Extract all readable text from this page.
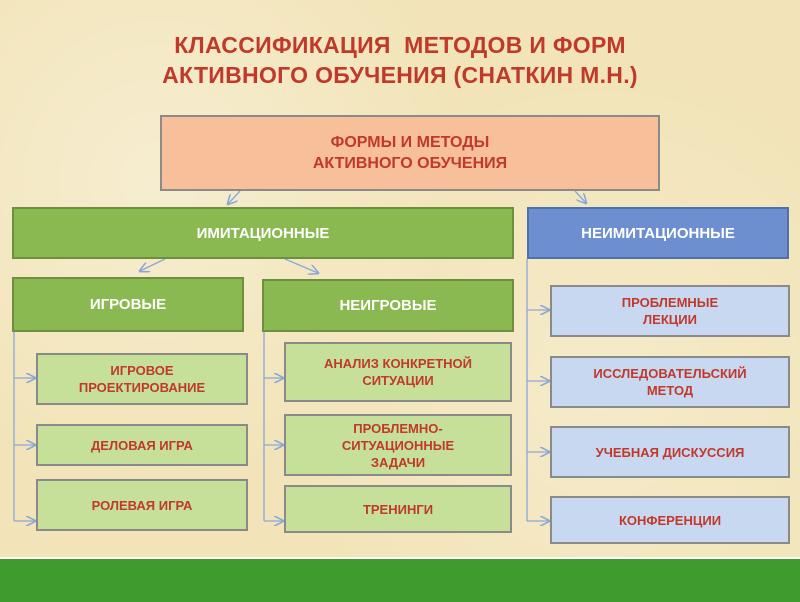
КЛАССИФИКАЦИЯ  МЕТОДОВ И ФОРМ
АКТИВНОГО ОБУЧЕНИЯ (СНАТКИН М.Н.)
ФОРМЫ И МЕТОДЫ
АКТИВНОГО ОБУЧЕНИЯ
ИМИТАЦИОННЫЕ	НЕИМИТАЦИОННЫЕ
ИГРОВЫЕ	НЕИГРОВЫЕ
ИГРОВОЕ
ПРОЕКТИРОВАНИЕ
ДЕЛОВАЯ ИГРА
РОЛЕВАЯ ИГРА
АНАЛИЗ КОНКРЕТНОЙ
СИТУАЦИИ
ПРОБЛЕМНО-
СИТУАЦИОННЫЕ
ЗАДАЧИ
ТРЕНИНГИ
ПРОБЛЕМНЫЕ
ЛЕКЦИИ
ИССЛЕДОВАТЕЛЬСКИЙ
МЕТОД
УЧЕБНАЯ ДИСКУССИЯ
КОНФЕРЕНЦИИ
